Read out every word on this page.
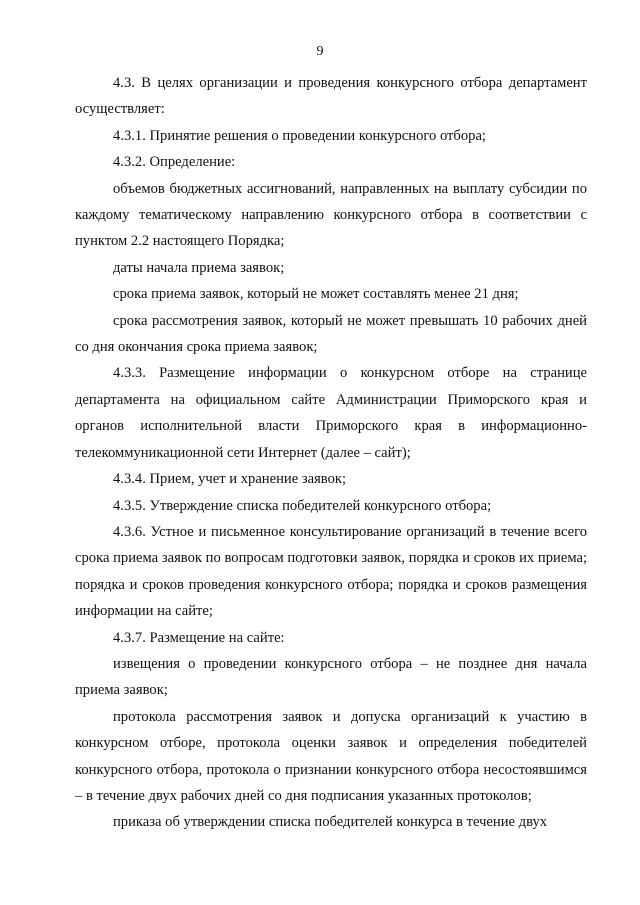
9

4.3. В целях организации и проведения конкурсного отбора департамент осуществляет:

4.3.1. Принятие решения о проведении конкурсного отбора;

4.3.2. Определение:

объемов бюджетных ассигнований, направленных на выплату субсидии по каждому тематическому направлению конкурсного отбора в соответствии с пунктом 2.2 настоящего Порядка;

даты начала приема заявок;

срока приема заявок, который не может составлять менее 21 дня;

срока рассмотрения заявок, который не может превышать 10 рабочих дней со дня окончания срока приема заявок;

4.3.3. Размещение информации о конкурсном отборе на странице департамента на официальном сайте Администрации Приморского края и органов исполнительной власти Приморского края в информационно-телекоммуникационной сети Интернет (далее – сайт);

4.3.4. Прием, учет и хранение заявок;

4.3.5. Утверждение списка победителей конкурсного отбора;

4.3.6. Устное и письменное консультирование организаций в течение всего срока приема заявок по вопросам подготовки заявок, порядка и сроков их приема; порядка и сроков проведения конкурсного отбора; порядка и сроков размещения информации на сайте;

4.3.7. Размещение на сайте:

извещения о проведении конкурсного отбора – не позднее дня начала приема заявок;

протокола рассмотрения заявок и допуска организаций к участию в конкурсном отборе, протокола оценки заявок и определения победителей конкурсного отбора, протокола о признании конкурсного отбора несостоявшимся – в течение двух рабочих дней со дня подписания указанных протоколов;

приказа об утверждении списка победителей конкурса в течение двух
